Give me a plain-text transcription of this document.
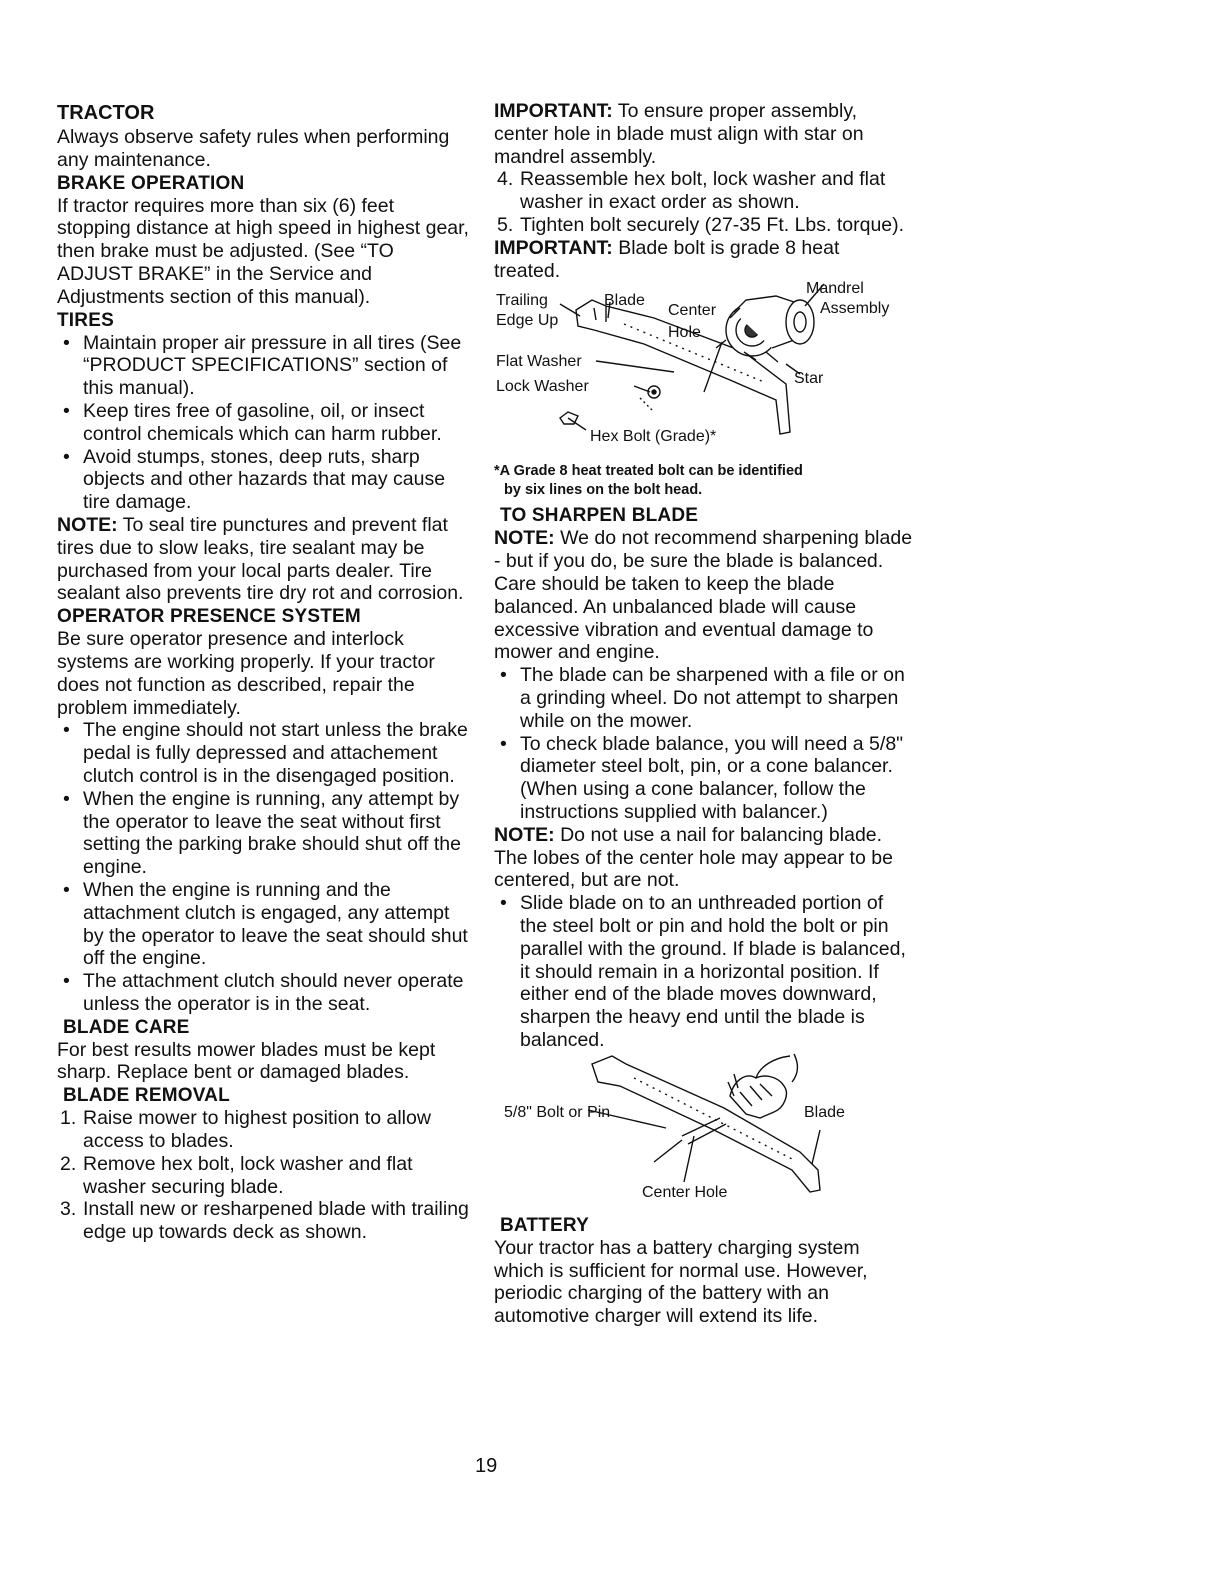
TRACTOR

Always observe safety rules when performing any maintenance.

BRAKE OPERATION

If tractor requires more than six (6) feet stopping distance at high speed in highest gear, then brake must be adjusted. (See “TO ADJUST BRAKE” in the Service and Adjustments section of this manual).

TIRES
• Maintain proper air pressure in all tires (See “PRODUCT SPECIFICATIONS” section of this manual).
• Keep tires free of gasoline, oil, or insect control chemicals which can harm rubber.
• Avoid stumps, stones, deep ruts, sharp objects and other hazards that may cause tire damage.

NOTE: To seal tire punctures and prevent flat tires due to slow leaks, tire sealant may be purchased from your local parts dealer. Tire sealant also prevents tire dry rot and corrosion.

OPERATOR PRESENCE SYSTEM

Be sure operator presence and interlock systems are working properly. If your tractor does not function as described, repair the problem immediately.

• The engine should not start unless the brake pedal is fully depressed and attachement clutch control is in the disengaged position.
• When the engine is running, any attempt by the operator to leave the seat without first setting the parking brake should shut off the engine.
• When the engine is running and the attachment clutch is engaged, any attempt by the operator to leave the seat should shut off the engine.
• The attachment clutch should never operate unless the operator is in the seat.
BLADE CARE

For best results mower blades must be kept sharp. Replace bent or damaged blades.

BLADE REMOVAL
1. Raise mower to highest position to allow access to blades.
2. Remove hex bolt, lock washer and flat washer securing blade.
3. Install new or resharpened blade with trailing edge up towards deck as shown.

IMPORTANT: To ensure proper assembly, center hole in blade must align with star on mandrel assembly.

4. Reassemble hex bolt, lock washer and flat washer in exact order as shown.
5. Tighten bolt securely (27-35 Ft. Lbs. torque).

IMPORTANT: Blade bolt is grade 8 heat treated.

Mandrel
Assembly
Trailing
Edge Up
Blade
Center
Hole
Flat Washer
Lock Washer	Star
Hex Bolt (Grade)*

*A Grade 8 heat treated bolt can be identified

by six lines on the bolt head.

TO SHARPEN BLADE

NOTE: We do not recommend sharpening blade - but if you do, be sure the blade is balanced.

Care should be taken to keep the blade balanced. An unbalanced blade will cause excessive vibration and eventual damage to mower and engine.

• The blade can be sharpened with a file or on a grinding wheel. Do not attempt to sharpen while on the mower.
• To check blade balance, you will need a 5/8" diameter steel bolt, pin, or a cone balancer. (When using a cone balancer, follow the instructions supplied with balancer.)

NOTE: Do not use a nail for balancing blade. The lobes of the center hole may appear to be centered, but are not.

• Slide blade on to an unthreaded portion of the steel bolt or pin and hold the bolt or pin parallel with the ground. If blade is balanced, it should remain in a horizontal position. If either end of the blade moves downward, sharpen the heavy end until the blade is balanced.
5/8" Bolt or Pin	Blade
Center Hole
BATTERY

Your tractor has a battery charging system which is sufficient for normal use. However, periodic charging of the battery with an automotive charger will extend its life.

19
